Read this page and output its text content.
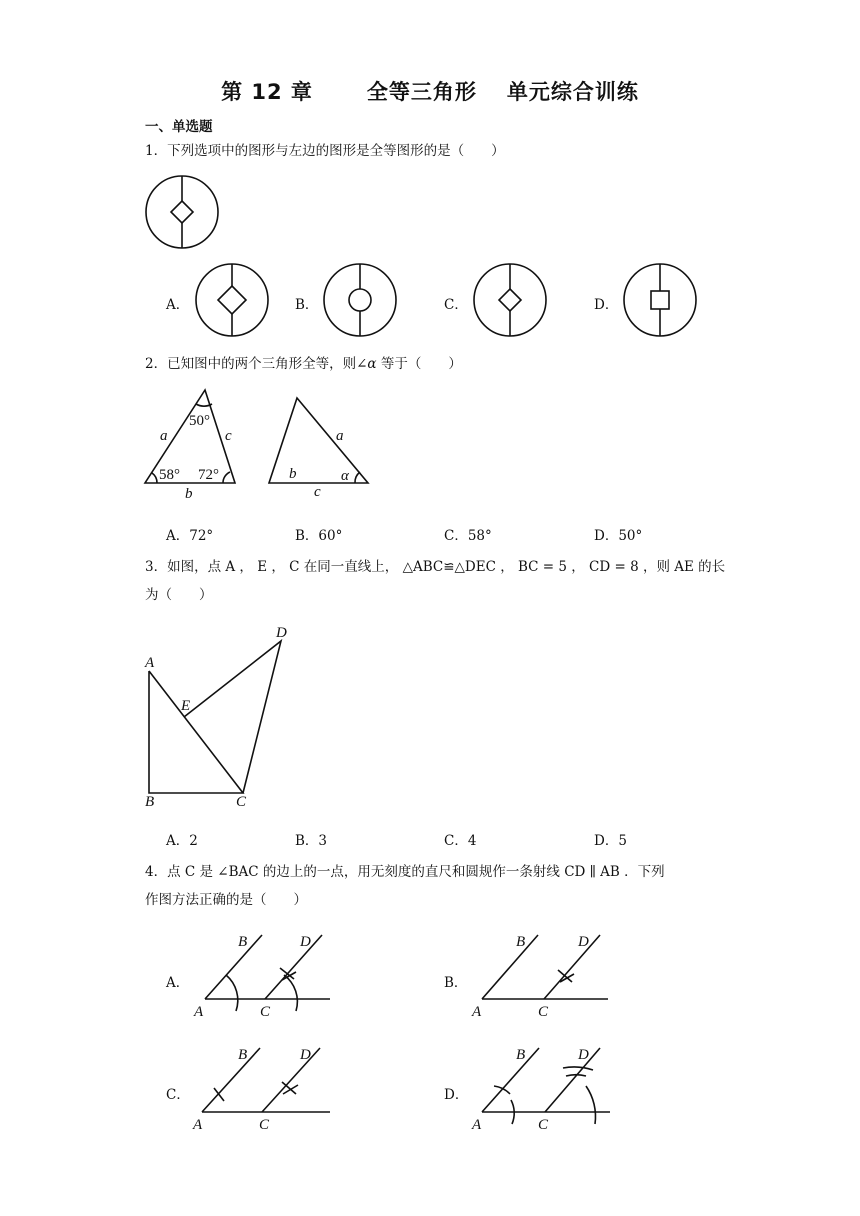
第 12 章	全等三角形 单元综合训练
一、单选题
1．下列选项中的图形与左边的图形是全等图形的是（　　）
a	c
b
50°
58° 72°
a
b
c
α
A
B	C
D
E
B	D
A	C
B	D
A	C
B	D
A	C
B	D
A	C
A．	B．	C．	D．
2．已知图中的两个三角形全等，则∠α 等于（　　）
A．72°	B．60°	C．58°	D．50°
3．如图，点 A ， E ， C 在同一直线上， △ABC≌△DEC ， BC = 5 ， CD = 8 ，则 AE 的长
为（　　）
A．2	B．3	C．4	D．5
4．点 C 是 ∠BAC 的边上的一点，用无刻度的直尺和圆规作一条射线 CD ∥ AB ．下列
作图方法正确的是（　　）
A．	B．
C．	D．
